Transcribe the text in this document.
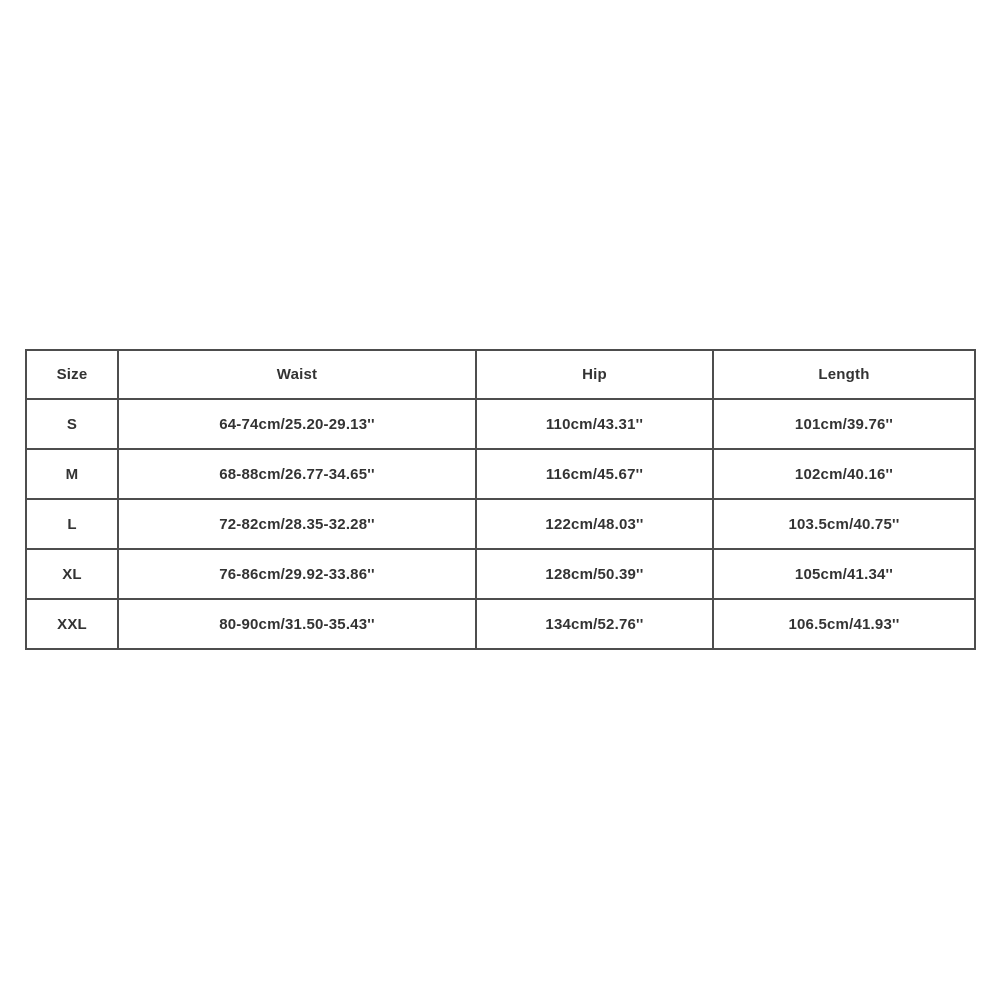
Size	Waist	Hip	Length
S	64-74cm/25.20-29.13''	110cm/43.31''	101cm/39.76''
M	68-88cm/26.77-34.65''	116cm/45.67''	102cm/40.16''
L	72-82cm/28.35-32.28''	122cm/48.03''	103.5cm/40.75''
XL	76-86cm/29.92-33.86''	128cm/50.39''	105cm/41.34''
XXL	80-90cm/31.50-35.43''	134cm/52.76''	106.5cm/41.93''
